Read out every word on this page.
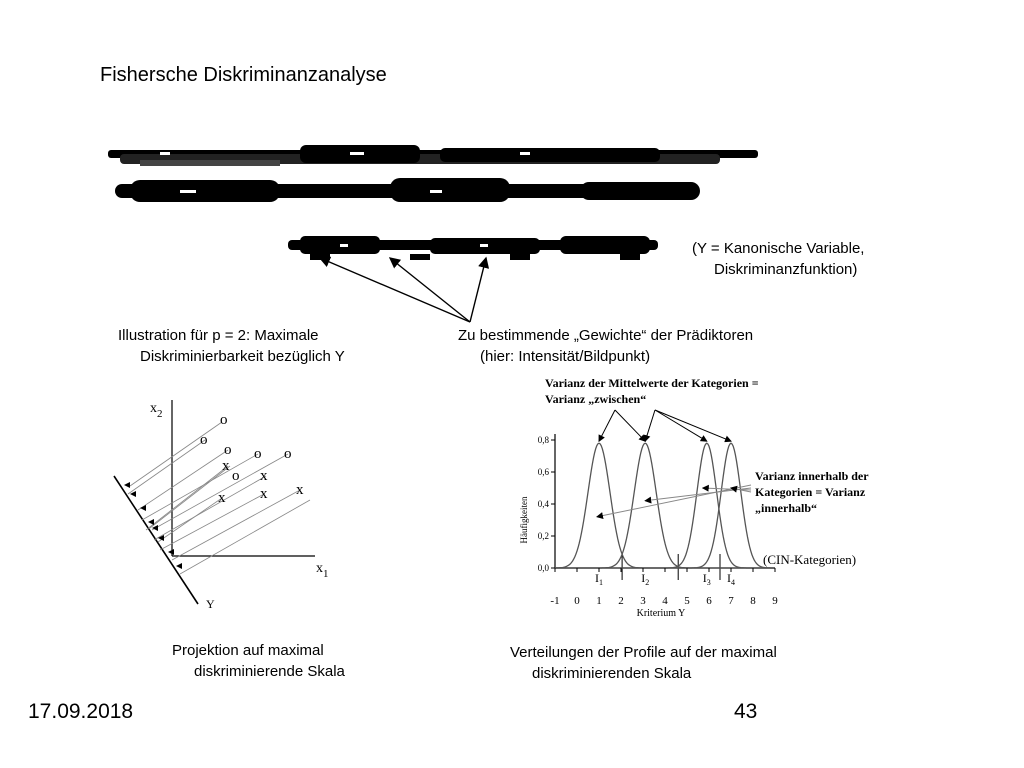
Fishersche Diskriminanzanalyse
(Y = Kanonische Variable,
Diskriminanzfunktion)
Illustration für p = 2: Maximale
Diskriminierbarkeit bezüglich Y
Zu bestimmende „Gewichte“ der Prädiktoren
(hier: Intensität/Bildpunkt)
o
o
o o o
o
x
x
x x
x
$x_2$
$x_1$
Y
Projektion auf maximal
diskriminierende Skala
Varianz der Mittelwerte der Kategorien =
Varianz „zwischen“
Varianz innerhalb der
Kategorien = Varianz
„innerhalb“
(CIN-Kategorien)
Häufigkeiten
Kriterium Y
0,0
0,2
0,4
0,6
0,8
-1 0 1 2 3 4 5 6 7 8 9
$I_1$	$I_2$	$I_3$ $I_4$
Verteilungen der Profile auf der maximal
diskriminierenden Skala
17.09.2018	43
